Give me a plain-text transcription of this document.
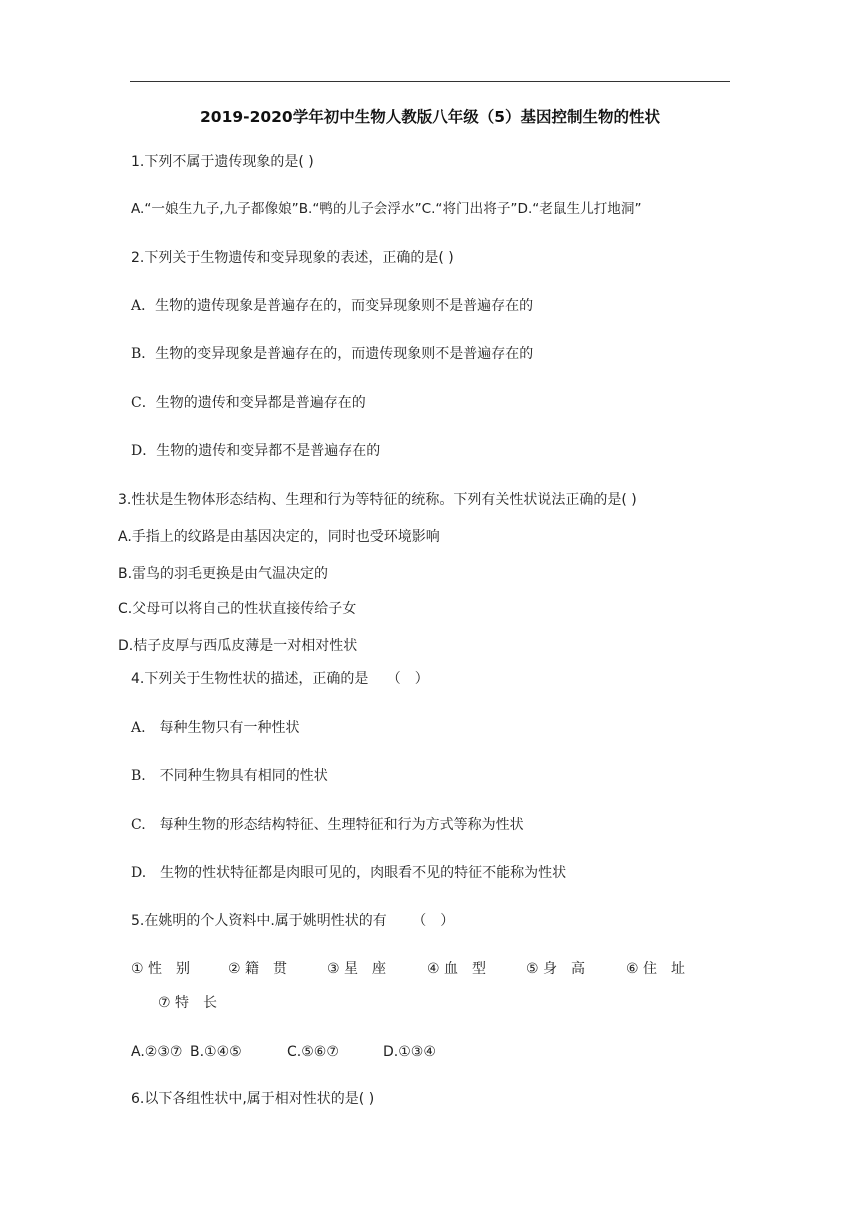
2019-2020学年初中生物人教版八年级（5）基因控制生物的性状
1.下列不属于遗传现象的是( )
A.“一娘生九子,九子都像娘”B.“鸭的儿子会浮水”C.“将门出将子”D.“老鼠生儿打地洞”
2.下列关于生物遗传和变异现象的表述，正确的是( )
A．生物的遗传现象是普遍存在的，而变异现象则不是普遍存在的
B．生物的变异现象是普遍存在的，而遗传现象则不是普遍存在的
C．生物的遗传和变异都是普遍存在的
D．生物的遗传和变异都不是普遍存在的
3.性状是生物体形态结构、生理和行为等特征的统称。下列有关性状说法正确的是( )
A.手指上的纹路是由基因决定的，同时也受环境影响
B.雷鸟的羽毛更换是由气温决定的
C.父母可以将自己的性状直接传给子女
D.桔子皮厚与西瓜皮薄是一对相对性状
4.下列关于生物性状的描述，正确的是　 （　）
A.　每种生物只有一种性状
B.　不同种生物具有相同的性状
C.　每种生物的形态结构特征、生理特征和行为方式等称为性状
D.　生物的性状特征都是肉眼可见的，肉眼看不见的特征不能称为性状
5.在姚明的个人资料中.属于姚明性状的有　 　（　）
① 性　别	② 籍　贯	③ 星　座	④ 血　型	⑤ 身　高	⑥ 住　址
⑦ 特　长
A.②③⑦ B.①④⑤	C.⑤⑥⑦	D.①③④
6.以下各组性状中,属于相对性状的是( )
